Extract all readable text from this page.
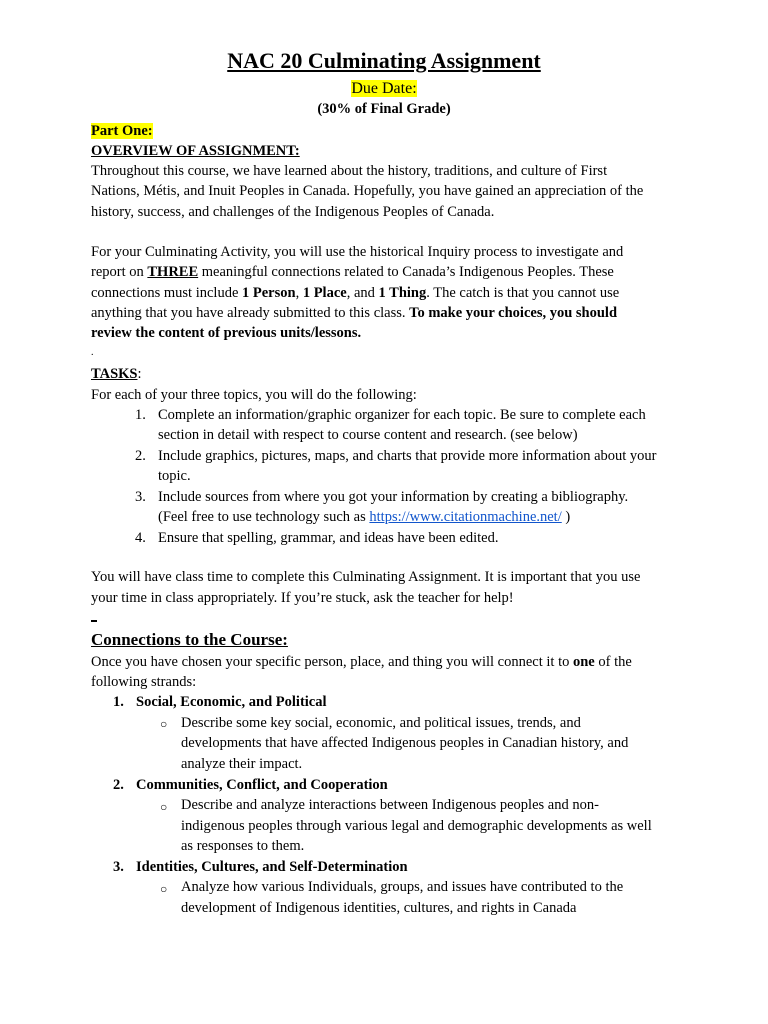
NAC 20 Culminating Assignment
Due Date:
(30% of Final Grade)
Part One:
OVERVIEW OF ASSIGNMENT:
Throughout this course, we have learned about the history, traditions, and culture of First
Nations, Métis, and Inuit Peoples in Canada. Hopefully, you have gained an appreciation of the
history, success, and challenges of the Indigenous Peoples of Canada.
For your Culminating Activity, you will use the historical Inquiry process to investigate and
report on THREE meaningful connections related to Canada’s Indigenous Peoples. These
connections must include 1 Person, 1 Place, and 1 Thing. The catch is that you cannot use
anything that you have already submitted to this class. To make your choices, you should
review the content of previous units/lessons.
.
TASKS:
For each of your three topics, you will do the following:
1. Complete an information/graphic organizer for each topic. Be sure to complete each
section in detail with respect to course content and research. (see below)
2. Include graphics, pictures, maps, and charts that provide more information about your
topic.
3. Include sources from where you got your information by creating a bibliography.
(Feel free to use technology such as https://www.citationmachine.net/ )
4. Ensure that spelling, grammar, and ideas have been edited.
You will have class time to complete this Culminating Assignment. It is important that you use
your time in class appropriately. If you’re stuck, ask the teacher for help!
Connections to the Course:
Once you have chosen your specific person, place, and thing you will connect it to one of the
following strands:
1. Social, Economic, and Political
○ Describe some key social, economic, and political issues, trends, and
developments that have affected Indigenous peoples in Canadian history, and
analyze their impact.
2. Communities, Conflict, and Cooperation
○ Describe and analyze interactions between Indigenous peoples and non-
indigenous peoples through various legal and demographic developments as well
as responses to them.
3. Identities, Cultures, and Self-Determination
○ Analyze how various Individuals, groups, and issues have contributed to the
development of Indigenous identities, cultures, and rights in Canada
